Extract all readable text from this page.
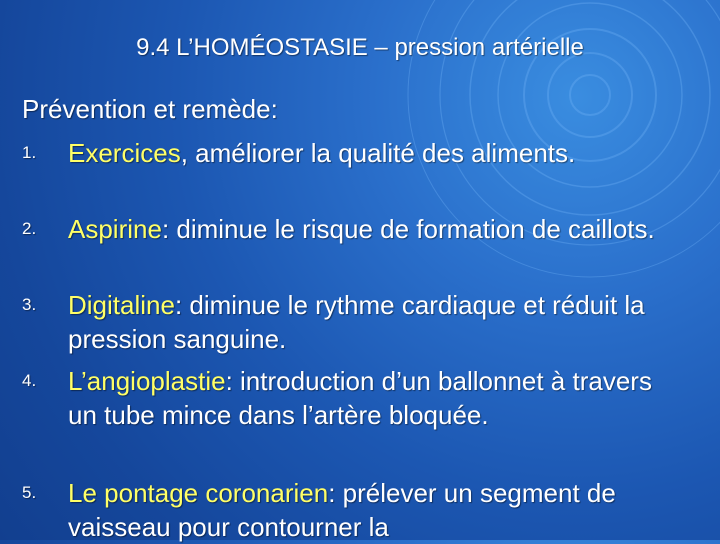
9.4 L’HOMÉOSTASIE – pression artérielle
Prévention et remède:
1.	Exercices, améliorer la qualité des aliments.
2.	Aspirine: diminue le risque de formation de caillots.
3.	Digitaline: diminue le rythme cardiaque et réduit la pression sanguine.
4.	L’angioplastie: introduction d’un ballonnet à travers un tube mince dans l’artère bloquée.
5.	Le pontage coronarien: prélever un segment de vaisseau pour contourner la
